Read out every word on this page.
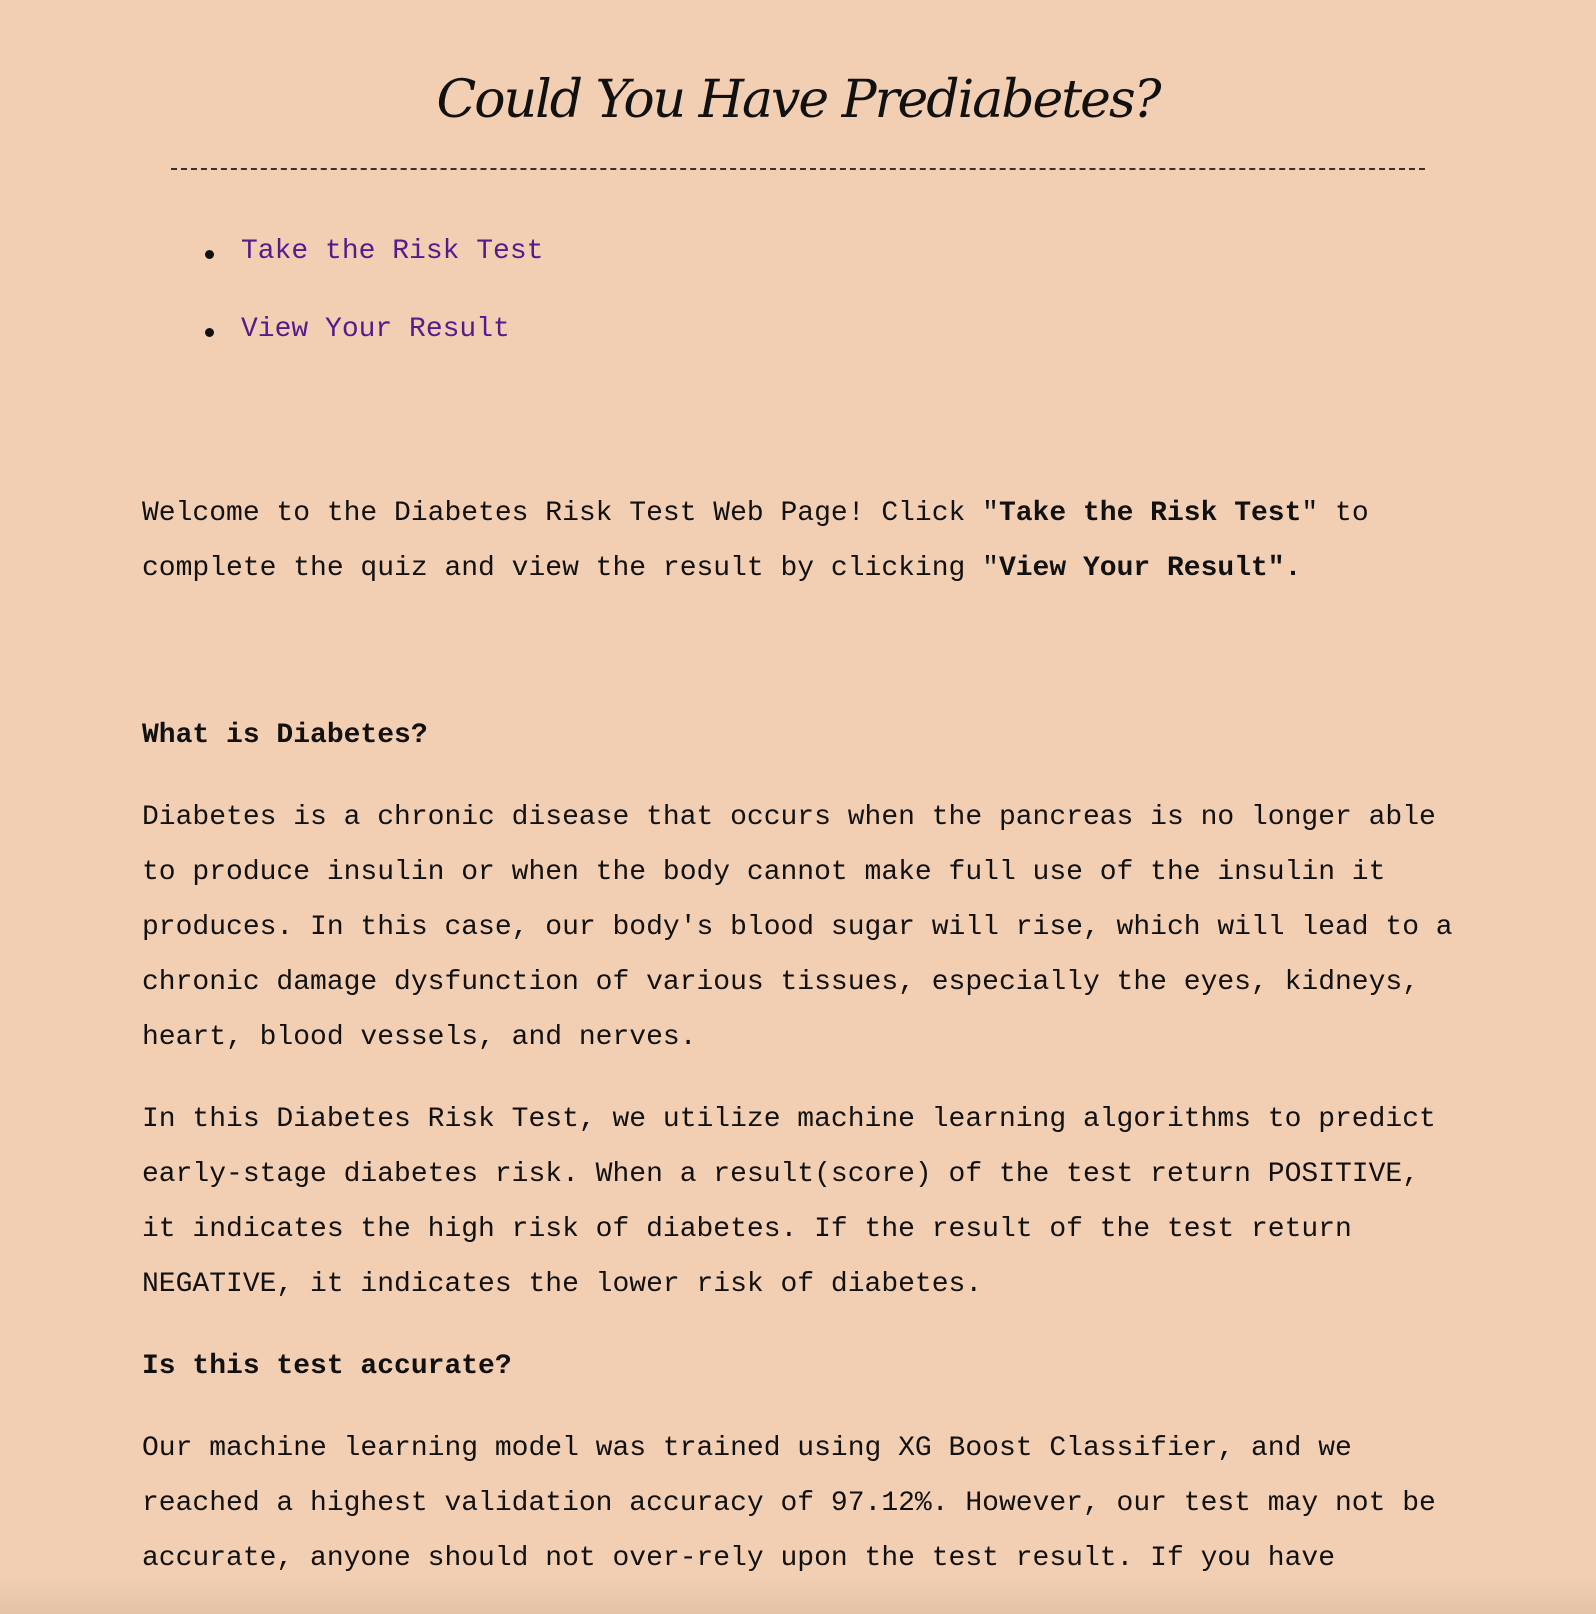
Could You Have Prediabetes?
Take the Risk Test
View Your Result

Welcome to the Diabetes Risk Test Web Page! Click "Take the Risk Test" to complete the quiz and view the result by clicking "View Your Result".

What is Diabetes?

Diabetes is a chronic disease that occurs when the pancreas is no longer able to produce insulin or when the body cannot make full use of the insulin it produces. In this case, our body's blood sugar will rise, which will lead to a chronic damage dysfunction of various tissues, especially the eyes, kidneys, heart, blood vessels, and nerves.

In this Diabetes Risk Test, we utilize machine learning algorithms to predict early-stage diabetes risk. When a result(score) of the test return POSITIVE, it indicates the high risk of diabetes. If the result of the test return NEGATIVE, it indicates the lower risk of diabetes.

Is this test accurate?

Our machine learning model was trained using XG Boost Classifier, and we reached a highest validation accuracy of 97.12%. However, our test may not be accurate, anyone should not over-rely upon the test result. If you have
